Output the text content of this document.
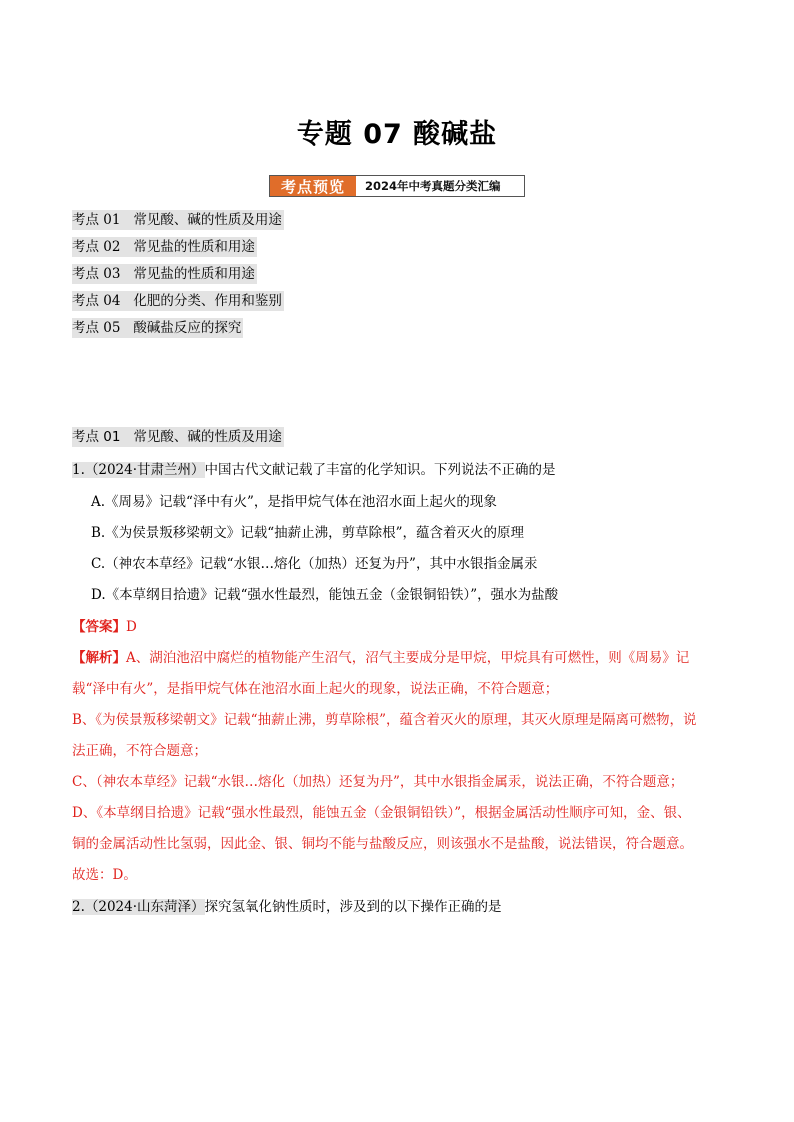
专题 07 酸碱盐
考点预览	2024年中考真题分类汇编
考点 01 常见酸、碱的性质及用途
考点 02 常见盐的性质和用途
考点 03 常见盐的性质和用途
考点 04 化肥的分类、作用和鉴别
考点 05 酸碱盐反应的探究
考点 01 常见酸、碱的性质及用途
1.（2024·甘肃兰州）中国古代文献记载了丰富的化学知识。下列说法不正确的是
A.《周易》记载“泽中有火”，是指甲烷气体在池沼水面上起火的现象
B.《为侯景叛移梁朝文》记载“抽薪止沸，剪草除根”，蕴含着灭火的原理
C.（神农本草经》记载“水银…熔化（加热）还复为丹”，其中水银指金属汞
D.《本草纲目拾遗》记载“强水性最烈，能蚀五金（金银铜铅铁）”，强水为盐酸
【答案】D
【解析】A、湖泊池沼中腐烂的植物能产生沼气，沼气主要成分是甲烷，甲烷具有可燃性，则《周易》记
载“泽中有火”，是指甲烷气体在池沼水面上起火的现象，说法正确，不符合题意；
B、《为侯景叛移梁朝文》记载“抽薪止沸，剪草除根”，蕴含着灭火的原理，其灭火原理是隔离可燃物，说
法正确，不符合题意；
C、（神农本草经》记载“水银…熔化（加热）还复为丹”，其中水银指金属汞，说法正确，不符合题意；
D、《本草纲目拾遗》记载“强水性最烈，能蚀五金（金银铜铅铁）”，根据金属活动性顺序可知，金、银、
铜的金属活动性比氢弱，因此金、银、铜均不能与盐酸反应，则该强水不是盐酸，说法错误，符合题意。
故选：D。
2.（2024·山东菏泽）探究氢氧化钠性质时，涉及到的以下操作正确的是
